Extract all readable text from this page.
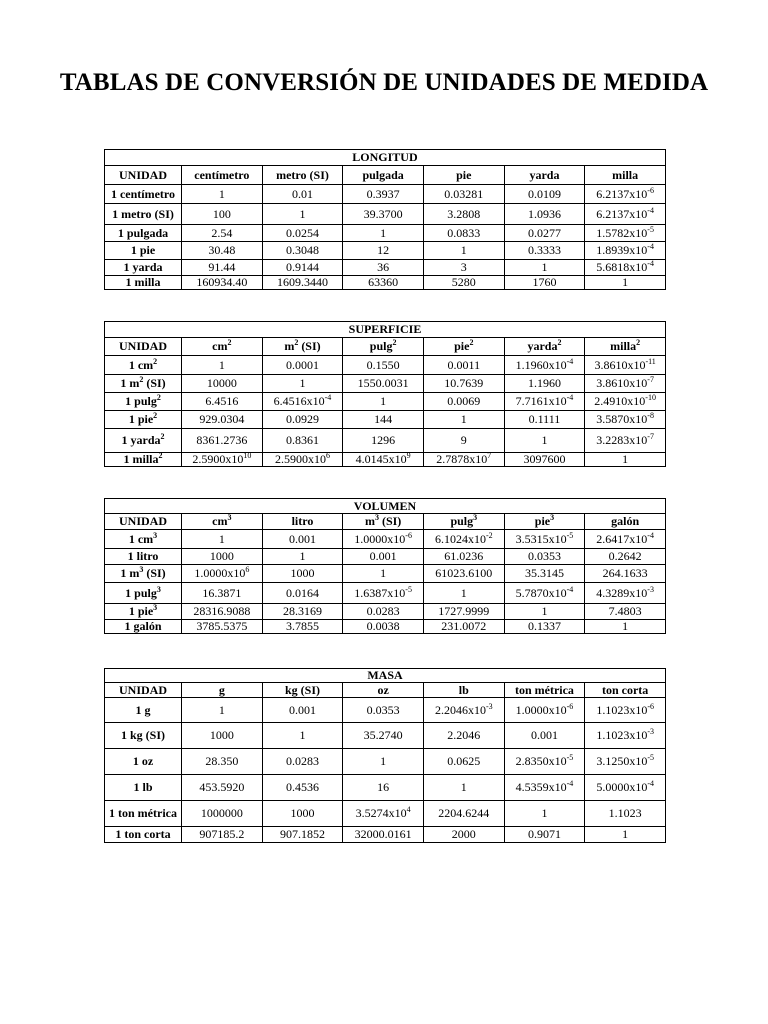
TABLAS DE CONVERSIÓN DE UNIDADES DE MEDIDA
LONGITUD						
UNIDAD	centímetro	metro (SI)	pulgada	pie	yarda	milla
1 centímetro	1	0.01	0.3937	0.03281	0.0109	$6.2137x10^{-6}$
1 metro (SI)	100	1	39.3700	3.2808	1.0936	$6.2137x10^{-4}$
1 pulgada	2.54	0.0254	1	0.0833	0.0277	$1.5782x10^{-5}$
1 pie	30.48	0.3048	12	1	0.3333	$1.8939x10^{-4}$
1 yarda	91.44	0.9144	36	3	1	$5.6818x10^{-4}$
1 milla	160934.40	1609.3440	63360	5280	1760	1
SUPERFICIE						
UNIDAD	$cm^2$	$m^2$ (SI)	pulg$^2$	pie$^2$	yarda$^2$	milla$^2$
1 $cm^2$	1	0.0001	0.1550	0.0011	$1.1960x10^{-4}$	$3.8610x10^{-11}$
1 $m^2$ (SI)	10000	1	1550.0031	10.7639	1.1960	$3.8610x10^{-7}$
1 pulg$^2$	6.4516	$6.4516x10^{-4}$	1	0.0069	$7.7161x10^{-4}$	$2.4910x10^{-10}$
1 pie$^2$	929.0304	0.0929	144	1	0.1111	$3.5870x10^{-8}$
1 yarda$^2$	8361.2736	0.8361	1296	9	1	$3.2283x10^{-7}$
1 milla$^2$	$2.5900x10^{10}$	$2.5900x10^6$	$4.0145x10^9$	$2.7878x10^7$	3097600	1
VOLUMEN						
UNIDAD	$cm^3$	litro	$m^3$ (SI)	pulg$^3$	pie$^3$	galón
1 $cm^3$	1	0.001	$1.0000x10^{-6}$	$6.1024x10^{-2}$	$3.5315x10^{-5}$	$2.6417x10^{-4}$
1 litro	1000	1	0.001	61.0236	0.0353	0.2642
1 $m^3$ (SI)	$1.0000x10^6$	1000	1	61023.6100	35.3145	264.1633
1 pulg$^3$	16.3871	0.0164	$1.6387x10^{-5}$	1	$5.7870x10^{-4}$	$4.3289x10^{-3}$
1 pie$^3$	28316.9088	28.3169	0.0283	1727.9999	1	7.4803
1 galón	3785.5375	3.7855	0.0038	231.0072	0.1337	1
MASA						
UNIDAD	g	kg (SI)	oz	lb	ton métrica	ton corta
1 g	1	0.001	0.0353	$2.2046x10^{-3}$	$1.0000x10^{-6}$	$1.1023x10^{-6}$
1 kg (SI)	1000	1	35.2740	2.2046	0.001	$1.1023x10^{-3}$
1 oz	28.350	0.0283	1	0.0625	$2.8350x10^{-5}$	$3.1250x10^{-5}$
1 lb	453.5920	0.4536	16	1	$4.5359x10^{-4}$	$5.0000x10^{-4}$
1 ton métrica	1000000	1000	$3.5274x10^4$	2204.6244	1	1.1023
1 ton corta	907185.2	907.1852	32000.0161	2000	0.9071	1
